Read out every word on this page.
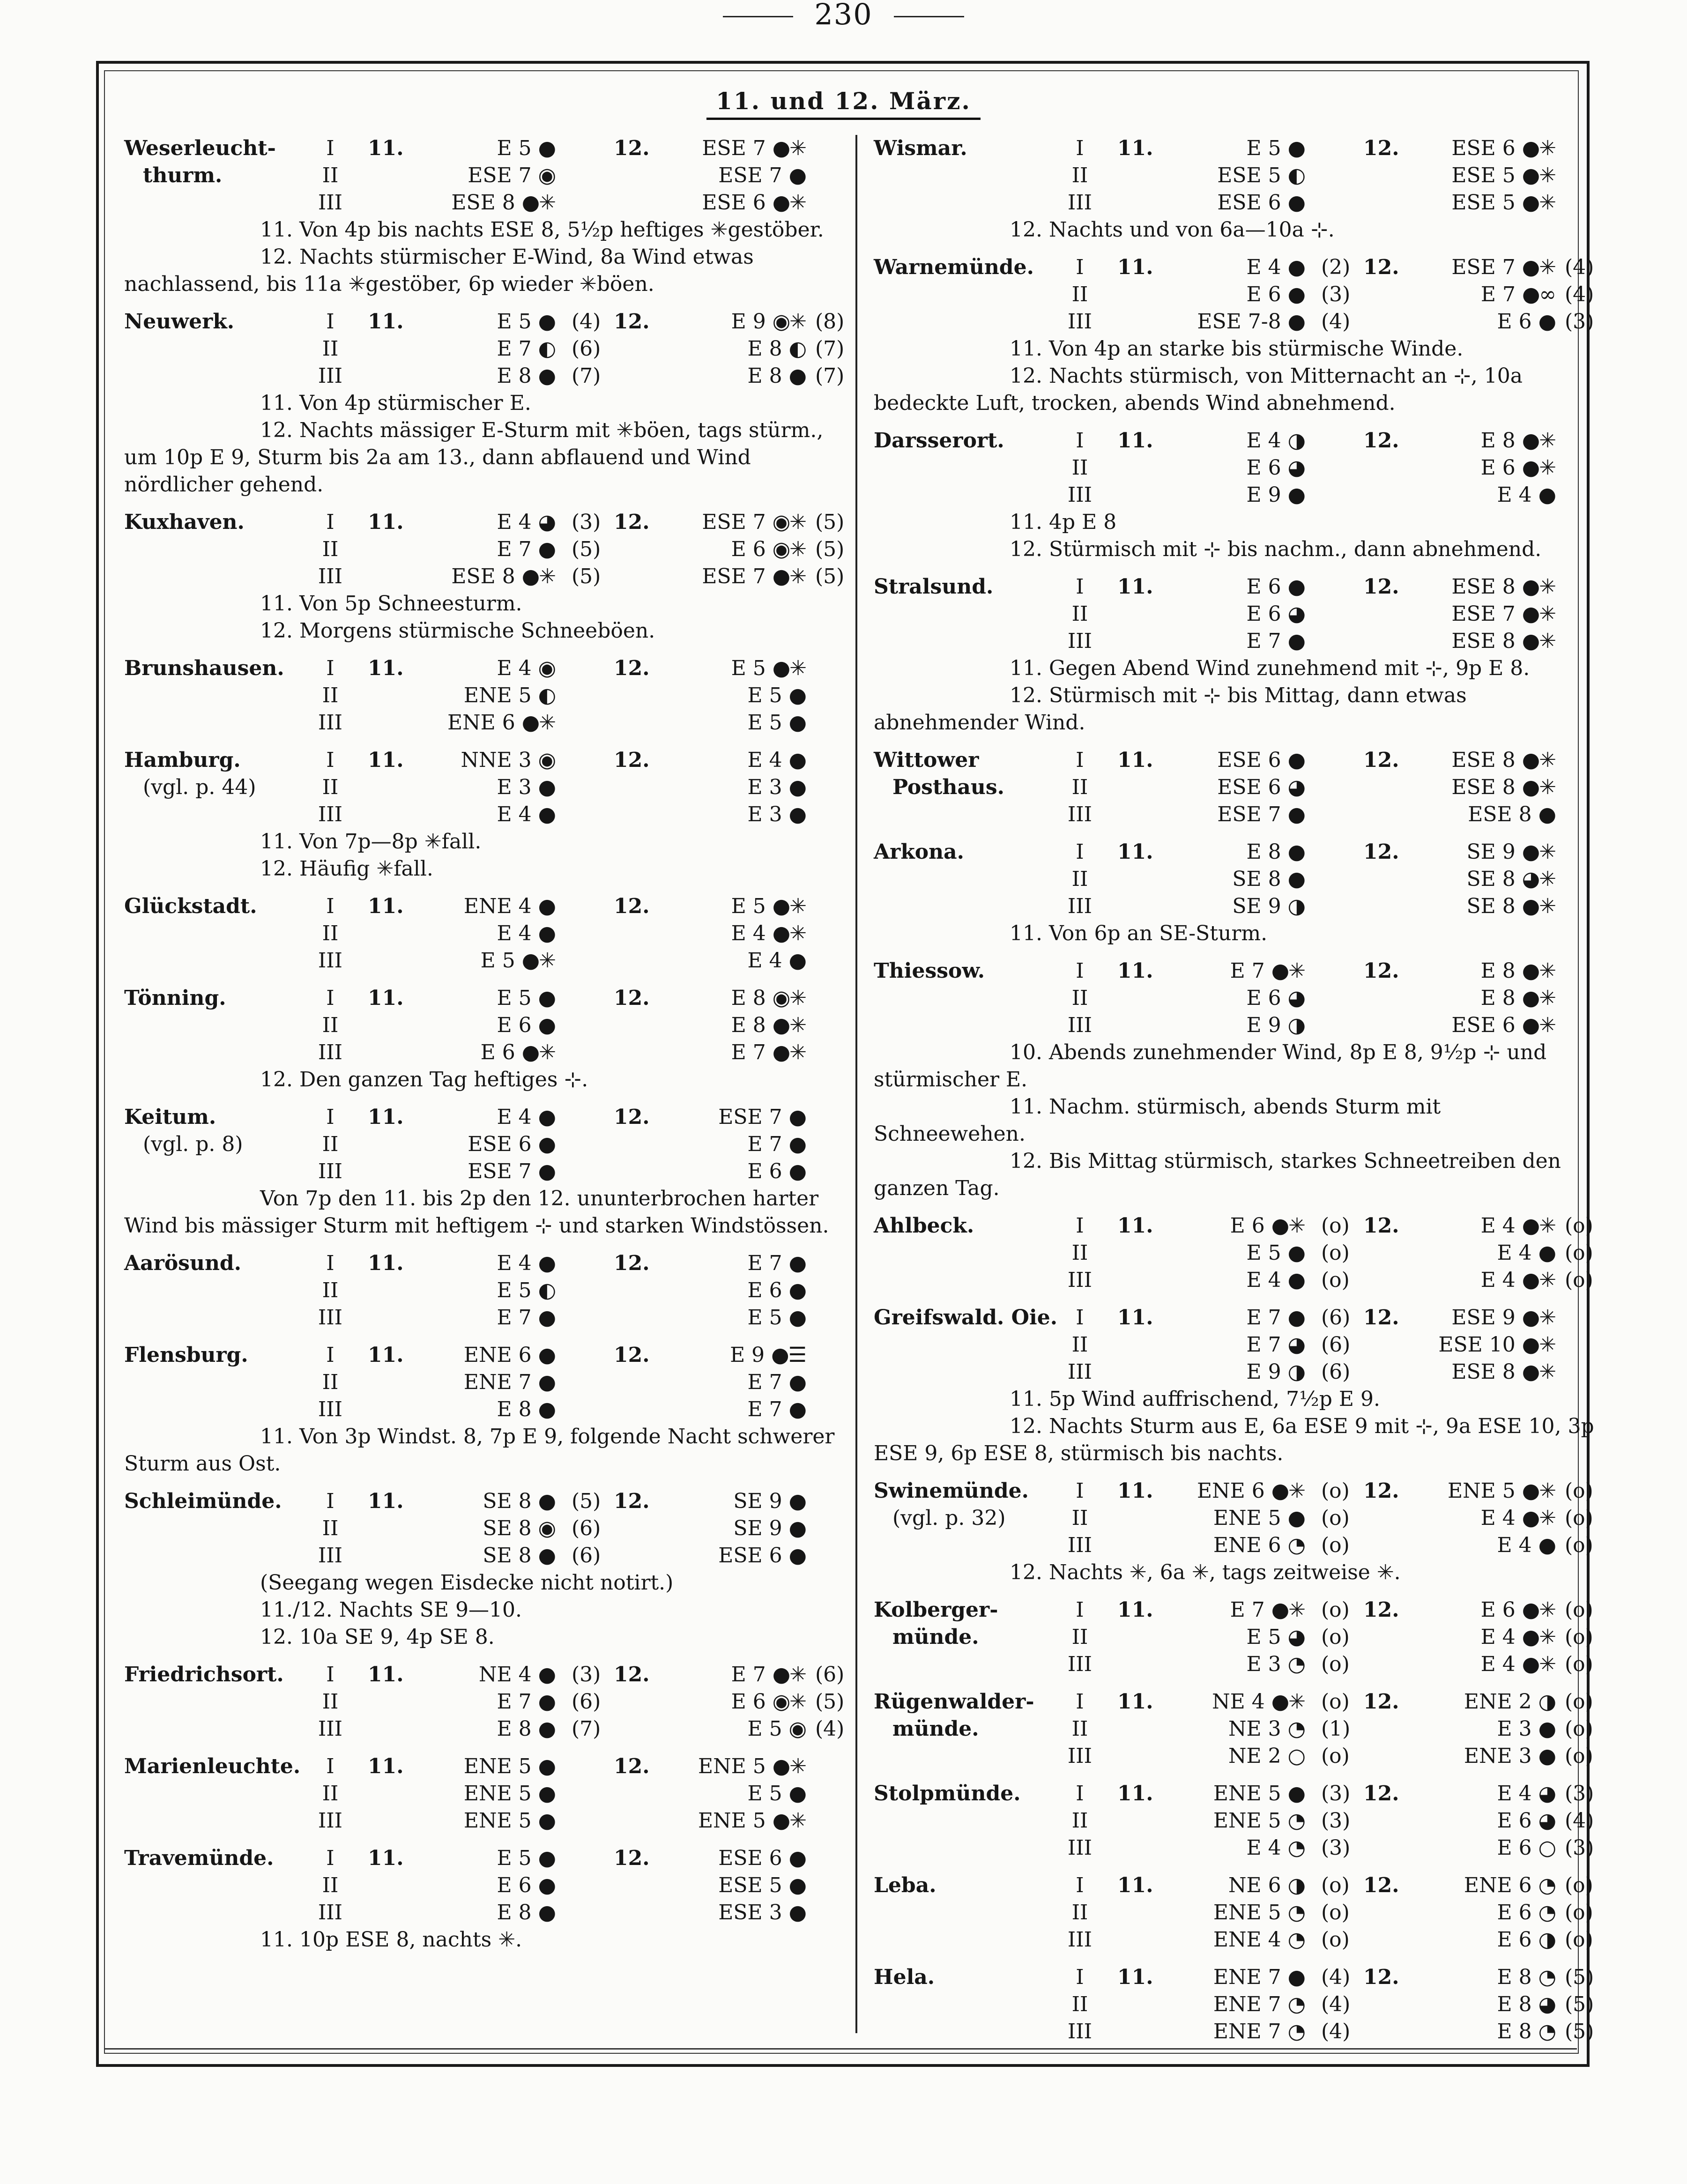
230
11. und 12. März.
Weserleucht-	I	11.	E 5 ●	12.	ESE 7 ●✳
thurm.	II	ESE 7 ◉	ESE 7 ●
III	ESE 8 ●✳	ESE 6 ●✳
11. Von 4p bis nachts ESE 8, 5½p heftiges ✳gestöber.
12. Nachts stürmischer E-Wind, 8a Wind etwas nachlassend, bis 11a ✳gestöber, 6p wieder ✳böen.
Neuwerk.	I	11.	E 5 ● (4) 12.	E 9 ◉✳ (8)
II	E 7 ◐ (6)	E 8 ◐ (7)
III	E 8 ● (7)	E 8 ● (7)
11. Von 4p stürmischer E.
12. Nachts mässiger E-Sturm mit ✳böen, tags stürm., um 10p E 9, Sturm bis 2a am 13., dann abflauend und Wind nördlicher gehend.
Kuxhaven.	I	11.	E 4 ◕ (3) 12.	ESE 7 ◉✳ (5)
II	E 7 ● (5)	E 6 ◉✳ (5)
III	ESE 8 ●✳ (5)	ESE 7 ●✳ (5)
11. Von 5p Schneesturm.
12. Morgens stürmische Schneeböen.
Brunshausen.	I	11.	E 4 ◉	12.	E 5 ●✳
II	ENE 5 ◐	E 5 ●
III	ENE 6 ●✳	E 5 ●
Hamburg.	I	11.	NNE 3 ◉	12.	E 4 ●
(vgl. p. 44)	II	E 3 ●	E 3 ●
III	E 4 ●	E 3 ●
11. Von 7p—8p ✳fall.
12. Häufig ✳fall.
Glückstadt.	I	11.	ENE 4 ●	12.	E 5 ●✳
II	E 4 ●	E 4 ●✳
III	E 5 ●✳	E 4 ●
Tönning.	I	11.	E 5 ●	12.	E 8 ◉✳
II	E 6 ●	E 8 ●✳
III	E 6 ●✳	E 7 ●✳
12. Den ganzen Tag heftiges ⊹.
Keitum.	I	11.	E 4 ●	12.	ESE 7 ●
(vgl. p. 8)	II	ESE 6 ●	E 7 ●
III	ESE 7 ●	E 6 ●
Von 7p den 11. bis 2p den 12. ununterbrochen harter Wind bis mässiger Sturm mit heftigem ⊹ und starken Windstössen.
Aarösund.	I	11.	E 4 ●	12.	E 7 ●
II	E 5 ◐	E 6 ●
III	E 7 ●	E 5 ●
Flensburg.	I	11.	ENE 6 ●	12.	E 9 ●☰
II	ENE 7 ●	E 7 ●
III	E 8 ●	E 7 ●
11. Von 3p Windst. 8, 7p E 9, folgende Nacht schwerer Sturm aus Ost.
Schleimünde.	I	11.	SE 8 ● (5) 12.	SE 9 ●
II	SE 8 ◉ (6)	SE 9 ●
III	SE 8 ● (6)	ESE 6 ●
(Seegang wegen Eisdecke nicht notirt.)
11./12. Nachts SE 9—10.
12. 10a SE 9, 4p SE 8.
Friedrichsort.	I	11.	NE 4 ● (3) 12.	E 7 ●✳ (6)
II	E 7 ● (6)	E 6 ◉✳ (5)
III	E 8 ● (7)	E 5 ◉ (4)
Marienleuchte.	I	11.	ENE 5 ●	12.	ENE 5 ●✳
II	ENE 5 ●	E 5 ●
III	ENE 5 ●	ENE 5 ●✳
Travemünde.	I	11.	E 5 ●	12.	ESE 6 ●
II	E 6 ●	ESE 5 ●
III	E 8 ●	ESE 3 ●
11. 10p ESE 8, nachts ✳.
Wismar.	I	11.	E 5 ●	12.	ESE 6 ●✳
II	ESE 5 ◐	ESE 5 ●✳
III	ESE 6 ●	ESE 5 ●✳
12. Nachts und von 6a—10a ⊹.
Warnemünde.	I	11.	E 4 ● (2) 12.	ESE 7 ●✳ (4)
II	E 6 ● (3)	E 7 ●∞ (4)
III	ESE 7-8 ● (4)	E 6 ● (3)
11. Von 4p an starke bis stürmische Winde.
12. Nachts stürmisch, von Mitternacht an ⊹, 10a bedeckte Luft, trocken, abends Wind abnehmend.
Darsserort.	I	11.	E 4 ◑	12.	E 8 ●✳
II	E 6 ◕	E 6 ●✳
III	E 9 ●	E 4 ●
11. 4p E 8
12. Stürmisch mit ⊹ bis nachm., dann abnehmend.
Stralsund.	I	11.	E 6 ●	12.	ESE 8 ●✳
II	E 6 ◕	ESE 7 ●✳
III	E 7 ●	ESE 8 ●✳
11. Gegen Abend Wind zunehmend mit ⊹, 9p E 8.
12. Stürmisch mit ⊹ bis Mittag, dann etwas abnehmender Wind.
Wittower	I	11.	ESE 6 ●	12.	ESE 8 ●✳
Posthaus.	II	ESE 6 ◕	ESE 8 ●✳
III	ESE 7 ●	ESE 8 ●
Arkona.	I	11.	E 8 ●	12.	SE 9 ●✳
II	SE 8 ●	SE 8 ◕✳
III	SE 9 ◑	SE 8 ●✳
11. Von 6p an SE-Sturm.
Thiessow.	I	11.	E 7 ●✳	12.	E 8 ●✳
II	E 6 ◕	E 8 ●✳
III	E 9 ◑	ESE 6 ●✳
10. Abends zunehmender Wind, 8p E 8, 9½p ⊹ und stürmischer E.
11. Nachm. stürmisch, abends Sturm mit Schneewehen.
12. Bis Mittag stürmisch, starkes Schneetreiben den ganzen Tag.
Ahlbeck.	I	11.	E 6 ●✳ (o) 12.	E 4 ●✳ (o)
II	E 5 ● (o)	E 4 ● (o)
III	E 4 ● (o)	E 4 ●✳ (o)
Greifswald. Oie. I	11.	E 7 ● (6) 12.	ESE 9 ●✳
II	E 7 ◕ (6)	ESE 10 ●✳
III	E 9 ◑ (6)	ESE 8 ●✳
11. 5p Wind auffrischend, 7½p E 9.
12. Nachts Sturm aus E, 6a ESE 9 mit ⊹, 9a ESE 10, 3p ESE 9, 6p ESE 8, stürmisch bis nachts.
Swinemünde.	I	11.	ENE 6 ●✳ (o) 12.	ENE 5 ●✳ (o)
(vgl. p. 32)	II	ENE 5 ● (o)	E 4 ●✳ (o)
III	ENE 6 ◔ (o)	E 4 ● (o)
12. Nachts ✳, 6a ✳, tags zeitweise ✳.
Kolberger-	I	11.	E 7 ●✳ (o) 12.	E 6 ●✳ (o)
münde.	II	E 5 ◕ (o)	E 4 ●✳ (o)
III	E 3 ◔ (o)	E 4 ●✳ (o)
Rügenwalder-	I	11.	NE 4 ●✳ (o) 12.	ENE 2 ◑ (o)
münde.	II	NE 3 ◔ (1)	E 3 ● (o)
III	NE 2 ○ (o)	ENE 3 ● (o)
Stolpmünde.	I	11.	ENE 5 ● (3) 12.	E 4 ◕ (3)
II	ENE 5 ◔ (3)	E 6 ◕ (4)
III	E 4 ◔ (3)	E 6 ○ (3)
Leba.	I	11.	NE 6 ◑ (o) 12.	ENE 6 ◔ (o)
II	ENE 5 ◔ (o)	E 6 ◔ (o)
III	ENE 4 ◔ (o)	E 6 ◑ (o)
Hela.	I	11.	ENE 7 ● (4) 12.	E 8 ◔ (5)
II	ENE 7 ◔ (4)	E 8 ◕ (5)
III	ENE 7 ◔ (4)	E 8 ◔ (5)
